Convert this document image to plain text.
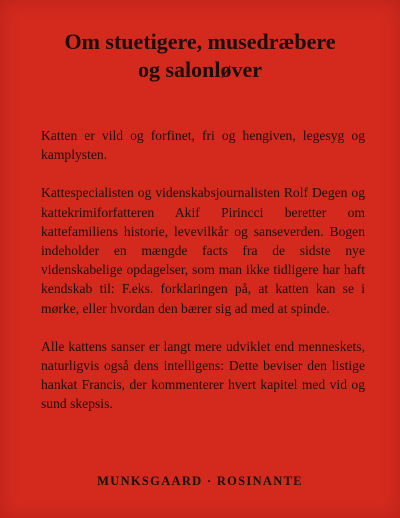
Om stuetigere, musedræbere
og salonløver

Katten er vild og forfinet, fri og hengiven, legesyg og kamplysten.

Kattespecialisten og videnskabsjournalisten Rolf Degen og kattekrimiforfatteren Akif Pirincci beretter om kattefamiliens historie, levevilkår og sanseverden. Bogen indeholder en mængde facts fra de sidste nye videnskabelige opdagelser, som man ikke tidligere har haft kendskab til: F.eks. forklaringen på, at katten kan se i mørke, eller hvordan den bærer sig ad med at spinde.

Alle kattens sanser er langt mere udviklet end menneskets, naturligvis også dens intelligens: Dette beviser den listige hankat Francis, der kommenterer hvert kapitel med vid og sund skepsis.

MUNKSGAARD · ROSINANTE
